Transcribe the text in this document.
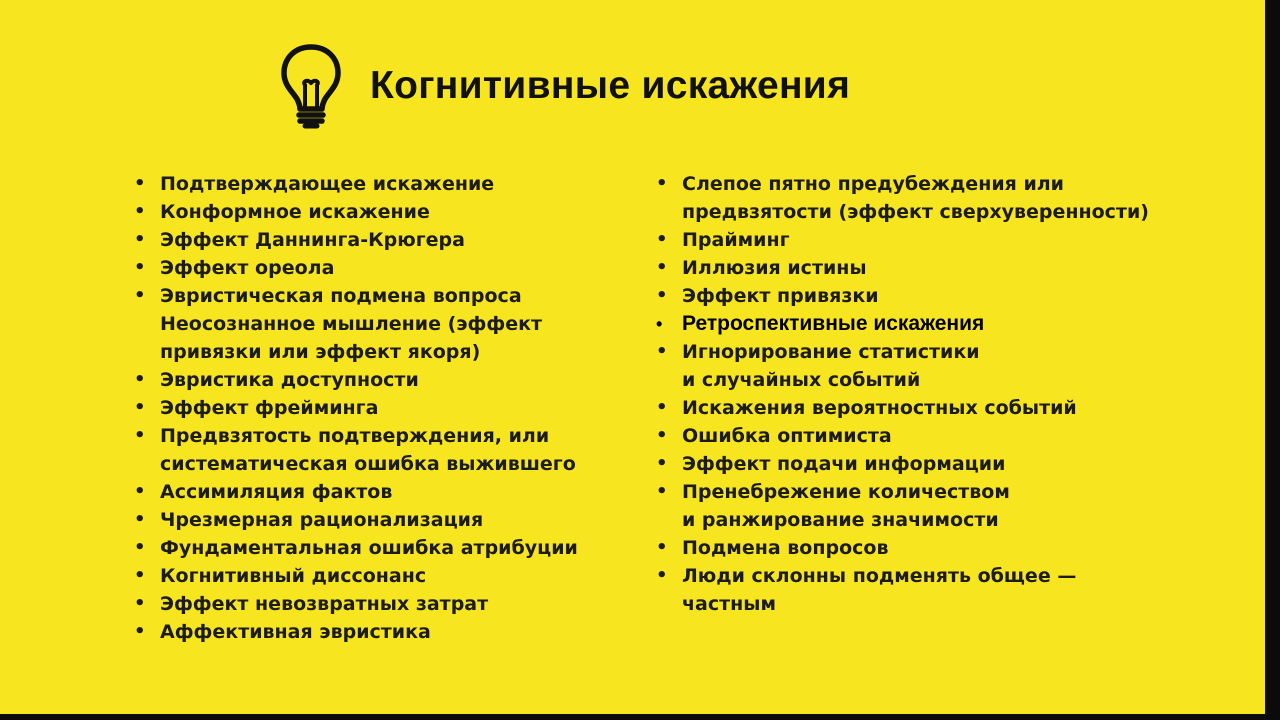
Когнитивные искажения
• Подтверждающее искажение
• Конформное искажение
• Эффект Даннинга-Крюгера
• Эффект ореола
• Эвристическая подмена вопроса
Неосознанное мышление (эффект
привязки или эффект якоря)
• Эвристика доступности
• Эффект фрейминга
• Предвзятость подтверждения, или
систематическая ошибка выжившего
• Ассимиляция фактов
• Чрезмерная рационализация
• Фундаментальная ошибка атрибуции
• Когнитивный диссонанс
• Эффект невозвратных затрат
• Аффективная эвристика
• Слепое пятно предубеждения или
предвзятости (эффект сверхуверенности)
• Прайминг
• Иллюзия истины
• Эффект привязки
• Ретроспективные искажения
• Игнорирование статистики
и случайных событий
• Искажения вероятностных событий
• Ошибка оптимиста
• Эффект подачи информации
• Пренебрежение количеством
и ранжирование значимости
• Подмена вопросов
• Люди склонны подменять общее —
частным
